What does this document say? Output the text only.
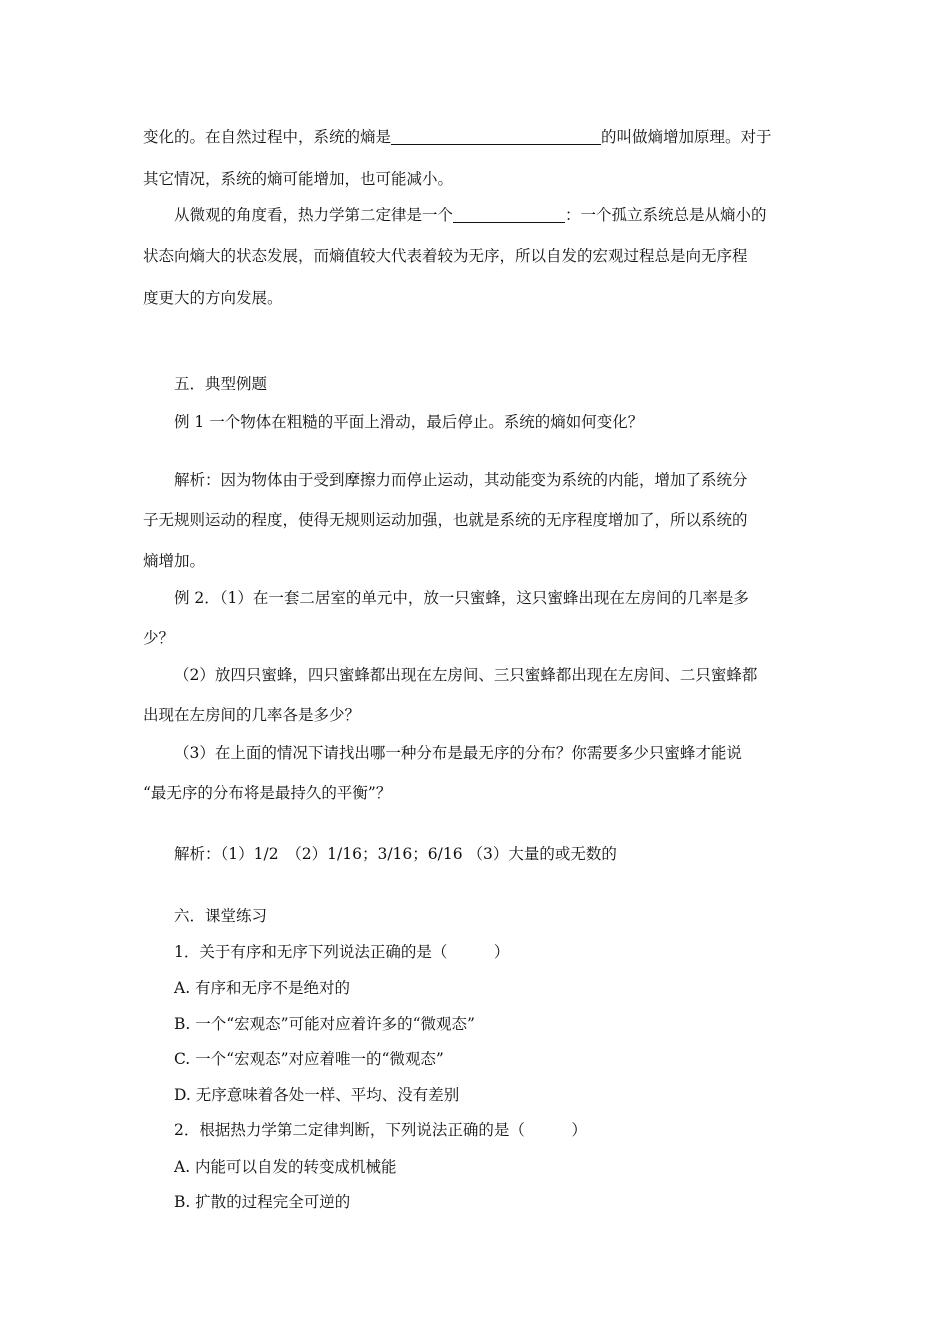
变化的。在自然过程中，系统的熵是	的叫做熵增加原理。对于
其它情况，系统的熵可能增加，也可能减小。
从微观的角度看，热力学第二定律是一个	：一个孤立系统总是从熵小的
状态向熵大的状态发展，而熵值较大代表着较为无序，所以自发的宏观过程总是向无序程
度更大的方向发展。
五．典型例题
例 1 一个物体在粗糙的平面上滑动，最后停止。系统的熵如何变化？
解析：因为物体由于受到摩擦力而停止运动，其动能变为系统的内能，增加了系统分
子无规则运动的程度，使得无规则运动加强，也就是系统的无序程度增加了，所以系统的
熵增加。
例 2．（1）在一套二居室的单元中，放一只蜜蜂，这只蜜蜂出现在左房间的几率是多
少？
（2）放四只蜜蜂，四只蜜蜂都出现在左房间、三只蜜蜂都出现在左房间、二只蜜蜂都
出现在左房间的几率各是多少？
（3）在上面的情况下请找出哪一种分布是最无序的分布？你需要多少只蜜蜂才能说
“最无序的分布将是最持久的平衡”？
解析：（1）1/2　（2）1/16；3/16；6/16 （3）大量的或无数的
六．课堂练习
1．关于有序和无序下列说法正确的是（　　　）
A. 有序和无序不是绝对的
B. 一个“宏观态”可能对应着许多的“微观态”
C. 一个“宏观态”对应着唯一的“微观态”
D. 无序意味着各处一样、平均、没有差别
2．根据热力学第二定律判断，下列说法正确的是（　　　）
A. 内能可以自发的转变成机械能
B. 扩散的过程完全可逆的
